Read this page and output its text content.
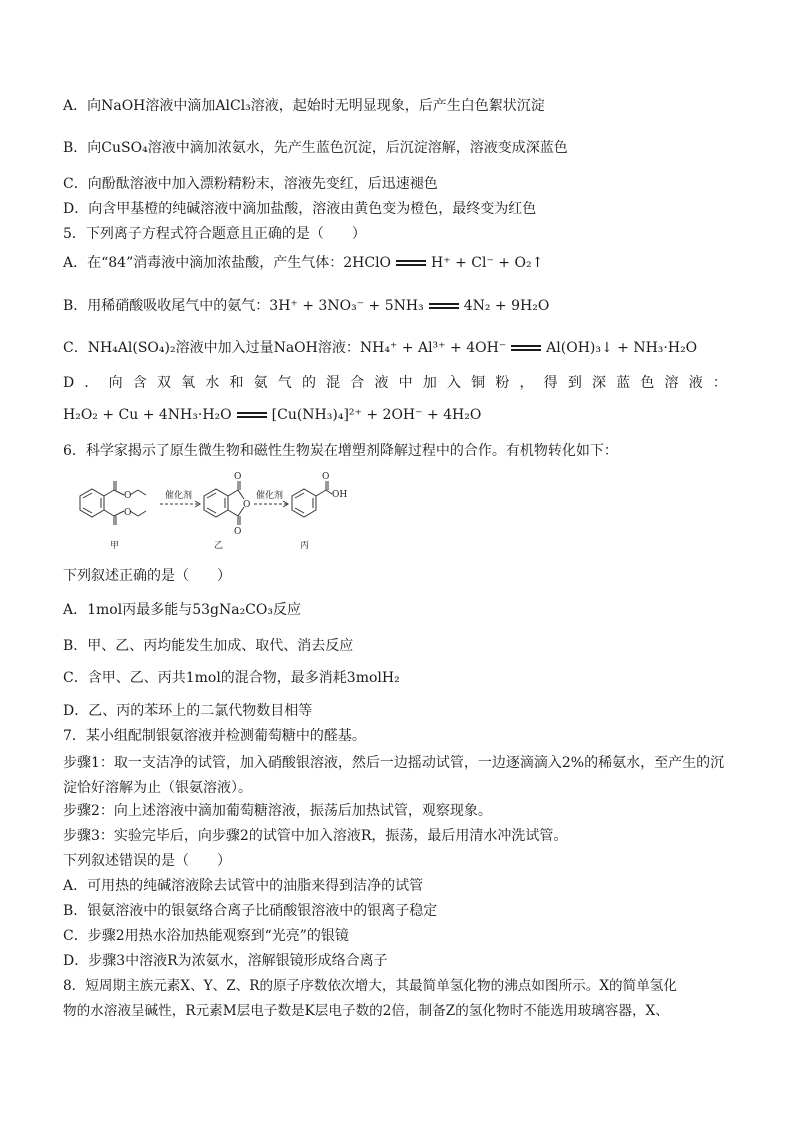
A．向NaOH溶液中滴加AlCl₃溶液，起始时无明显现象，后产生白色絮状沉淀
B．向CuSO₄溶液中滴加浓氨水，先产生蓝色沉淀，后沉淀溶解，溶液变成深蓝色
C．向酚酞溶液中加入漂粉精粉末，溶液先变红，后迅速褪色
D．向含甲基橙的纯碱溶液中滴加盐酸，溶液由黄色变为橙色，最终变为红色
5．下列离子方程式符合题意且正确的是（　　）
A．在“84”消毒液中滴加浓盐酸，产生气体：2HClO	H⁺ + Cl⁻ + O₂↑
B．用稀硝酸吸收尾气中的氨气：3H⁺ + 3NO₃⁻ + 5NH₃	4N₂ + 9H₂O
C．NH₄Al(SO₄)₂溶液中加入过量NaOH溶液：NH₄⁺ + Al³⁺ + 4OH⁻	Al(OH)₃↓ + NH₃·H₂O
D ． 向 含 双 氧 水 和 氨 气 的 混 合 液 中 加 入 铜 粉 ， 得 到 深 蓝 色 溶 液 ：
H₂O₂ + Cu + 4NH₃·H₂O	[Cu(NH₃)₄]²⁺ + 2OH⁻ + 4H₂O
6．科学家揭示了原生微生物和磁性生物炭在增塑剂降解过程中的合作。有机物转化如下：
O
O
O
O
O
O
OH
催化剂	催化剂
甲	乙	丙
下列叙述正确的是（　　）
A．1mol丙最多能与53gNa₂CO₃反应
B．甲、乙、丙均能发生加成、取代、消去反应
C．含甲、乙、丙共1mol的混合物，最多消耗3molH₂
D．乙、丙的苯环上的二氯代物数目相等
7．某小组配制银氨溶液并检测葡萄糖中的醛基。
步骤1：取一支洁净的试管，加入硝酸银溶液，然后一边摇动试管，一边逐滴滴入2%的稀氨水，至产生的沉淀恰好溶解为止（银氨溶液）。
步骤2：向上述溶液中滴加葡萄糖溶液，振荡后加热试管，观察现象。
步骤3：实验完毕后，向步骤2的试管中加入溶液R，振荡，最后用清水冲洗试管。
下列叙述错误的是（　　）
A．可用热的纯碱溶液除去试管中的油脂来得到洁净的试管
B．银氨溶液中的银氨络合离子比硝酸银溶液中的银离子稳定
C．步骤2用热水浴加热能观察到“光亮”的银镜
D．步骤3中溶液R为浓氨水，溶解银镜形成络合离子
8．短周期主族元素X、Y、Z、R的原子序数依次增大，其最简单氢化物的沸点如图所示。X的简单氢化
物的水溶液呈碱性，R元素M层电子数是K层电子数的2倍，制备Z的氢化物时不能选用玻璃容器，X、
